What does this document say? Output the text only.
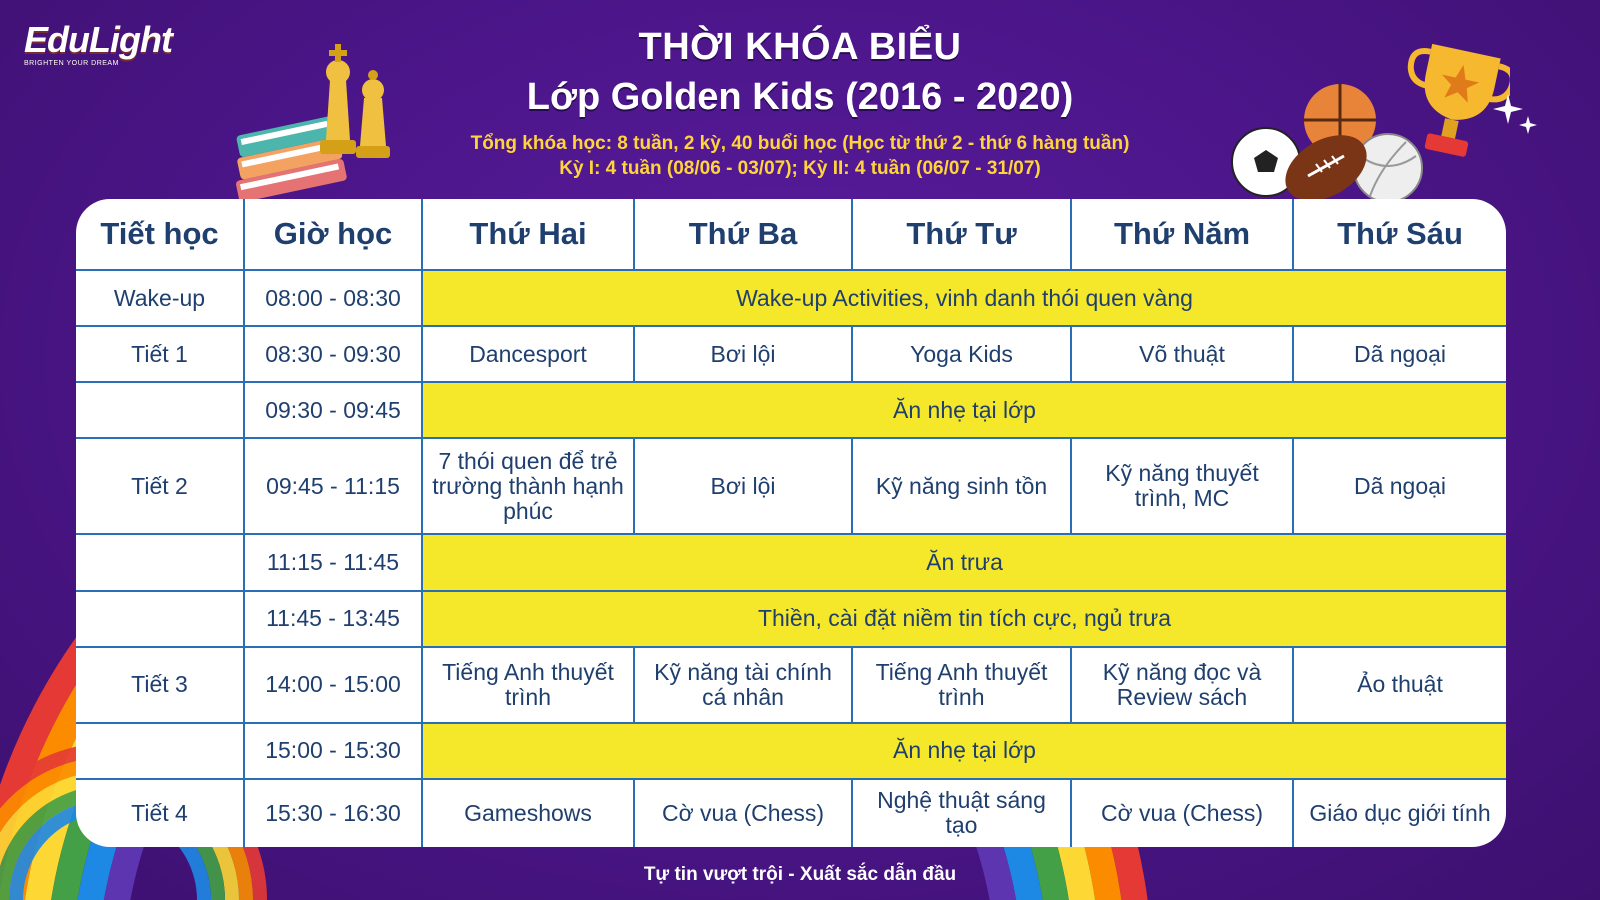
EduLight
BRIGHTEN YOUR DREAM	THỜI KHÓA BIỂU
Lớp Golden Kids (2016 - 2020)
Tổng khóa học: 8 tuần, 2 kỳ, 40 buổi học (Học từ thứ 2 - thứ 6 hàng tuần)
Kỳ I: 4 tuần (08/06 - 03/07); Kỳ II: 4 tuần (06/07 - 31/07)
Tiết học	Giờ học	Thứ Hai	Thứ Ba	Thứ Tư	Thứ Năm	Thứ Sáu
Wake-up	08:00 - 08:30	Wake-up Activities, vinh danh thói quen vàng				
Tiết 1	08:30 - 09:30	Dancesport	Bơi lội	Yoga Kids	Võ thuật	Dã ngoại
	09:30 - 09:45	Ăn nhẹ tại lớp				
Tiết 2	09:45 - 11:15	7 thói quen để trẻ trường thành hạnh phúc	Bơi lội	Kỹ năng sinh tồn	Kỹ năng thuyết trình, MC	Dã ngoại
	11:15 - 11:45	Ăn trưa				
	11:45 - 13:45	Thiền, cài đặt niềm tin tích cực, ngủ trưa				
Tiết 3	14:00 - 15:00	Tiếng Anh thuyết trình	Kỹ năng tài chính cá nhân	Tiếng Anh thuyết trình	Kỹ năng đọc và Review sách	Ảo thuật
	15:00 - 15:30	Ăn nhẹ tại lớp				
Tiết 4	15:30 - 16:30	Gameshows	Cờ vua (Chess)	Nghệ thuật sáng tạo	Cờ vua (Chess)	Giáo dục giới tính
Tự tin vượt trội - Xuất sắc dẫn đầu
